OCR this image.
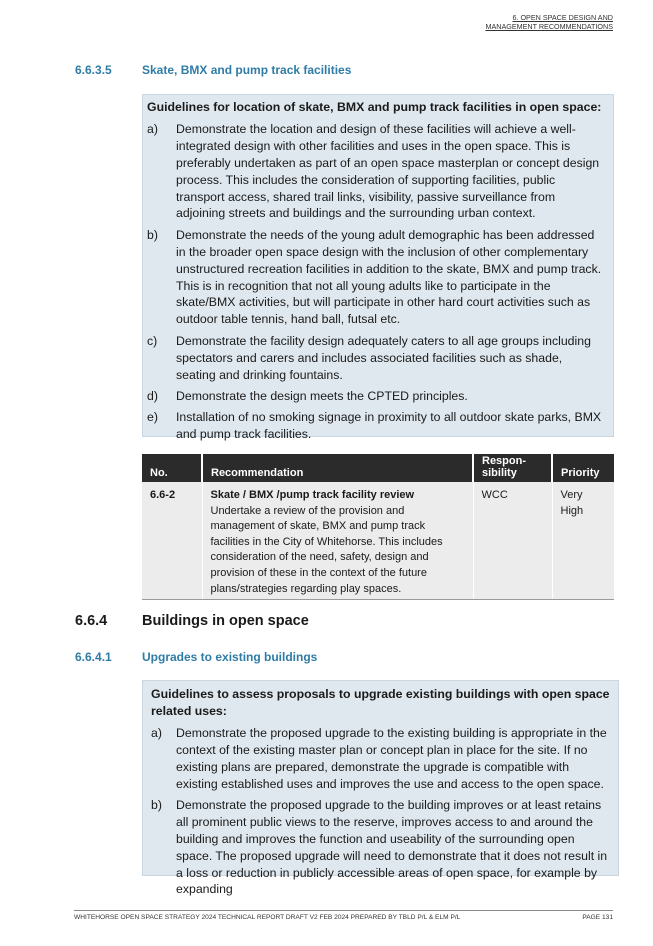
6. OPEN SPACE DESIGN AND
MANAGEMENT RECOMMENDATIONS
6.6.3.5	Skate, BMX and pump track facilities
Guidelines for location of skate, BMX and pump track facilities in open space:
a)	Demonstrate the location and design of these facilities will achieve a well-integrated design with other facilities and uses in the open space. This is preferably undertaken as part of an open space masterplan or concept design process. This includes the consideration of supporting facilities, public transport access, shared trail links, visibility, passive surveillance from adjoining streets and buildings and the surrounding urban context.
b)	Demonstrate the needs of the young adult demographic has been addressed in the broader open space design with the inclusion of other complementary unstructured recreation facilities in addition to the skate, BMX and pump track. This is in recognition that not all young adults like to participate in the skate/BMX activities, but will participate in other hard court activities such as outdoor table tennis, hand ball, futsal etc.
c)	Demonstrate the facility design adequately caters to all age groups including spectators and carers and includes associated facilities such as shade, seating and drinking fountains.
d)	Demonstrate the design meets the CPTED principles.
e)	Installation of no smoking signage in proximity to all outdoor skate parks, BMX and pump track facilities.
No.	Recommendation	Respon-sibility	Priority
6.6-2	Skate / BMX /pump track facility review
Undertake a review of the provision and management of skate, BMX and pump track facilities in the City of Whitehorse. This includes consideration of the need, safety, design and provision of these in the context of the future plans/strategies regarding play spaces.	WCC	Very High
6.6.4 Buildings in open space
6.6.4.1	Upgrades to existing buildings
Guidelines to assess proposals to upgrade existing buildings with open space related uses:
a)	Demonstrate the proposed upgrade to the existing building is appropriate in the context of the existing master plan or concept plan in place for the site. If no existing plans are prepared, demonstrate the upgrade is compatible with existing established uses and improves the use and access to the open space.
b)	Demonstrate the proposed upgrade to the building improves or at least retains all prominent public views to the reserve, improves access to and around the building and improves the function and useability of the surrounding open space. The proposed upgrade will need to demonstrate that it does not result in a loss or reduction in publicly accessible areas of open space, for example by expanding
WHITEHORSE OPEN SPACE STRATEGY 2024 TECHNICAL REPORT DRAFT V2 FEB 2024 PREPARED BY TBLD P/L & ELM P/L	PAGE 131
